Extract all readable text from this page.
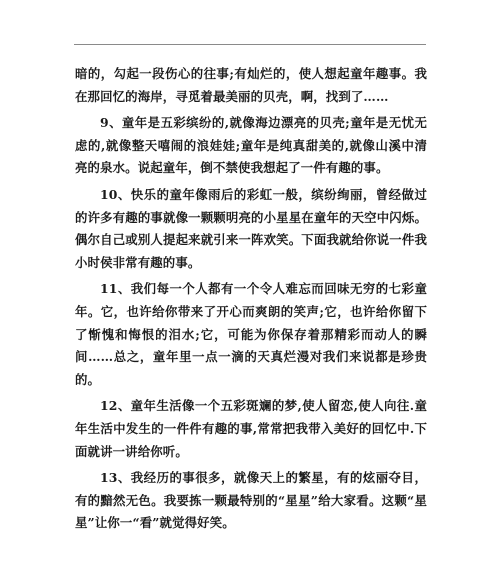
暗的，勾起一段伤心的往事;有灿烂的，使人想起童年趣事。我在那回忆的海岸，寻觅着最美丽的贝壳，啊，找到了……

9、童年是五彩缤纷的,就像海边漂亮的贝壳;童年是无忧无虑的,就像整天嘻闹的浪娃娃;童年是纯真甜美的,就像山溪中清亮的泉水。说起童年，倒不禁使我想起了一件有趣的事。

10、快乐的童年像雨后的彩虹一般，缤纷绚丽，曾经做过的许多有趣的事就像一颗颗明亮的小星星在童年的天空中闪烁。偶尔自己或别人提起来就引来一阵欢笑。下面我就给你说一件我小时侯非常有趣的事。

11、我们每一个人都有一个令人难忘而回味无穷的七彩童年。它，也许给你带来了开心而爽朗的笑声;它，也许给你留下了惭愧和悔恨的泪水;它，可能为你保存着那精彩而动人的瞬间……总之，童年里一点一滴的天真烂漫对我们来说都是珍贵的。

12、童年生活像一个五彩斑斓的梦,使人留恋,使人向往.童年生活中发生的一件件有趣的事,常常把我带入美好的回忆中.下面就讲一讲给你听。

13、我经历的事很多，就像天上的繁星，有的炫丽夺目，有的黯然无色。我要拣一颗最特别的“星星”给大家看。这颗“星星”让你一“看”就觉得好笑。
